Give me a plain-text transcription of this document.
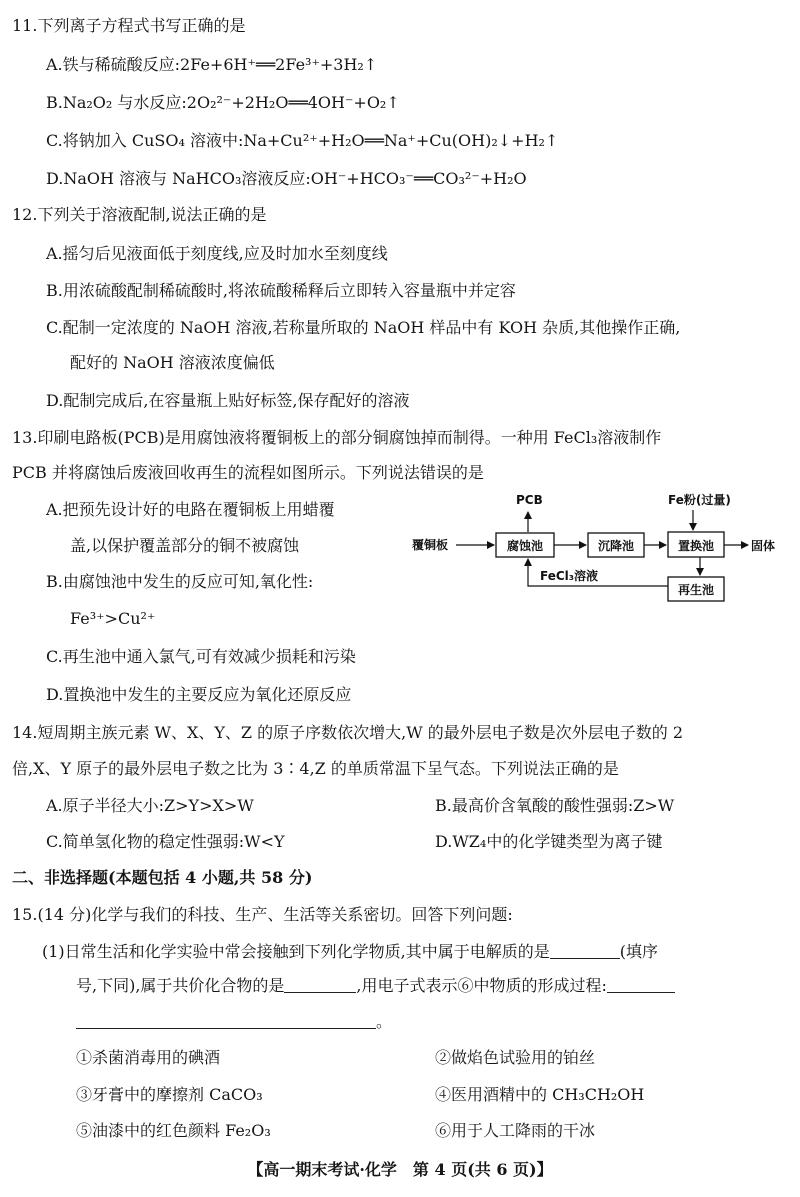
11.下列离子方程式书写正确的是
A.铁与稀硫酸反应:2Fe+6H⁺══2Fe³⁺+3H₂↑
B.Na₂O₂ 与水反应:2O₂²⁻+2H₂O══4OH⁻+O₂↑
C.将钠加入 CuSO₄ 溶液中:Na+Cu²⁺+H₂O══Na⁺+Cu(OH)₂↓+H₂↑
D.NaOH 溶液与 NaHCO₃溶液反应:OH⁻+HCO₃⁻══CO₃²⁻+H₂O
12.下列关于溶液配制,说法正确的是
A.摇匀后见液面低于刻度线,应及时加水至刻度线
B.用浓硫酸配制稀硫酸时,将浓硫酸稀释后立即转入容量瓶中并定容
C.配制一定浓度的 NaOH 溶液,若称量所取的 NaOH 样品中有 KOH 杂质,其他操作正确,
配好的 NaOH 溶液浓度偏低
D.配制完成后,在容量瓶上贴好标签,保存配好的溶液
13.印刷电路板(PCB)是用腐蚀液将覆铜板上的部分铜腐蚀掉而制得。一种用 FeCl₃溶液制作
PCB 并将腐蚀后废液回收再生的流程如图所示。下列说法错误的是
A.把预先设计好的电路在覆铜板上用蜡覆
盖,以保护覆盖部分的铜不被腐蚀
B.由腐蚀池中发生的反应可知,氧化性:
Fe³⁺>Cu²⁺
C.再生池中通入氯气,可有效减少损耗和污染
D.置换池中发生的主要反应为氧化还原反应
PCB	Fe粉(过量)
覆铜板	腐蚀池	沉降池	置换池	固体
再生池
FeCl₃溶液
14.短周期主族元素 W、X、Y、Z 的原子序数依次增大,W 的最外层电子数是次外层电子数的 2
倍,X、Y 原子的最外层电子数之比为 3∶4,Z 的单质常温下呈气态。下列说法正确的是
A.原子半径大小:Z>Y>X>W	B.最高价含氧酸的酸性强弱:Z>W
C.简单氢化物的稳定性强弱:W<Y	D.WZ₄中的化学键类型为离子键
二、非选择题(本题包括 4 小题,共 58 分)
15.(14 分)化学与我们的科技、生产、生活等关系密切。回答下列问题:
(1)日常生活和化学实验中常会接触到下列化学物质,其中属于电解质的是	(填序
号,下同),属于共价化合物的是	,用电子式表示⑥中物质的形成过程:
。
①杀菌消毒用的碘酒	②做焰色试验用的铂丝
③牙膏中的摩擦剂 CaCO₃	④医用酒精中的 CH₃CH₂OH
⑤油漆中的红色颜料 Fe₂O₃	⑥用于人工降雨的干冰
【高一期末考试·化学　第 4 页(共 6 页)】
